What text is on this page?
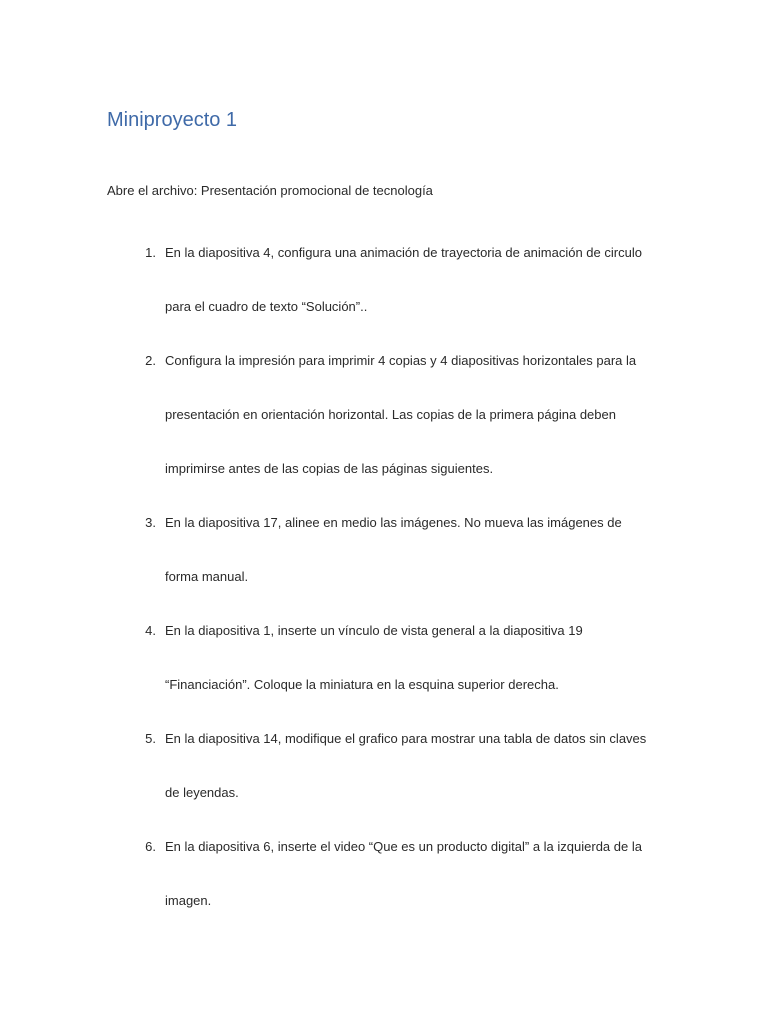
Miniproyecto 1

Abre el archivo: Presentación promocional de tecnología

1. En la diapositiva 4, configura una animación de trayectoria de animación de circulo
para el cuadro de texto “Solución”..
2. Configura la impresión para imprimir 4 copias y 4 diapositivas horizontales para la
presentación en orientación horizontal. Las copias de la primera página deben
imprimirse antes de las copias de las páginas siguientes.
3. En la diapositiva 17, alinee en medio las imágenes. No mueva las imágenes de
forma manual.
4. En la diapositiva 1, inserte un vínculo de vista general a la diapositiva 19
“Financiación”. Coloque la miniatura en la esquina superior derecha.
5. En la diapositiva 14, modifique el grafico para mostrar una tabla de datos sin claves
de leyendas.
6. En la diapositiva 6, inserte el video “Que es un producto digital” a la izquierda de la
imagen.
